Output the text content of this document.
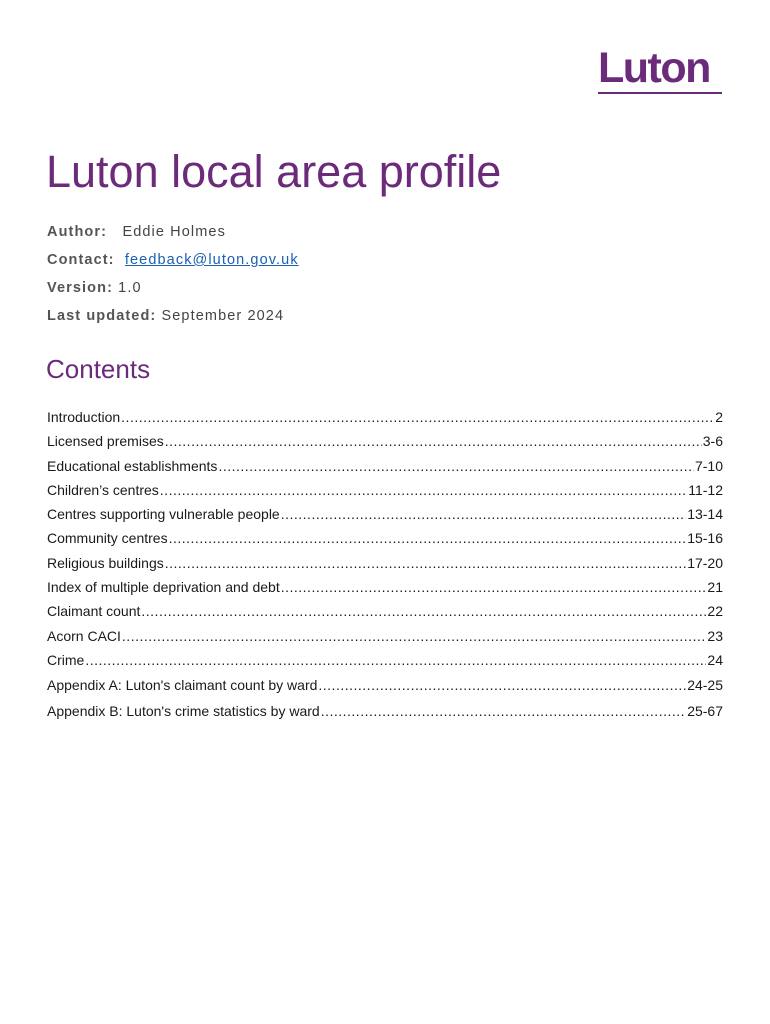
Luton
Luton local area profile
Author: Eddie Holmes
Contact: feedback@luton.gov.uk
Version: 1.0
Last updated: September 2024
Contents
Introduction .....	2
Licensed premises .....	3-6
Educational establishments .....	7-10
Children’s centres .....	11-12
Centres supporting vulnerable people .....	13-14
Community centres .....	15-16
Religious buildings .....	17-20
Index of multiple deprivation and debt .....	21
Claimant count .....	22
Acorn CACI .....	23
Crime .....	24
Appendix A: Luton's claimant count by ward .....	24-25
Appendix B: Luton's crime statistics by ward .....	25-67
